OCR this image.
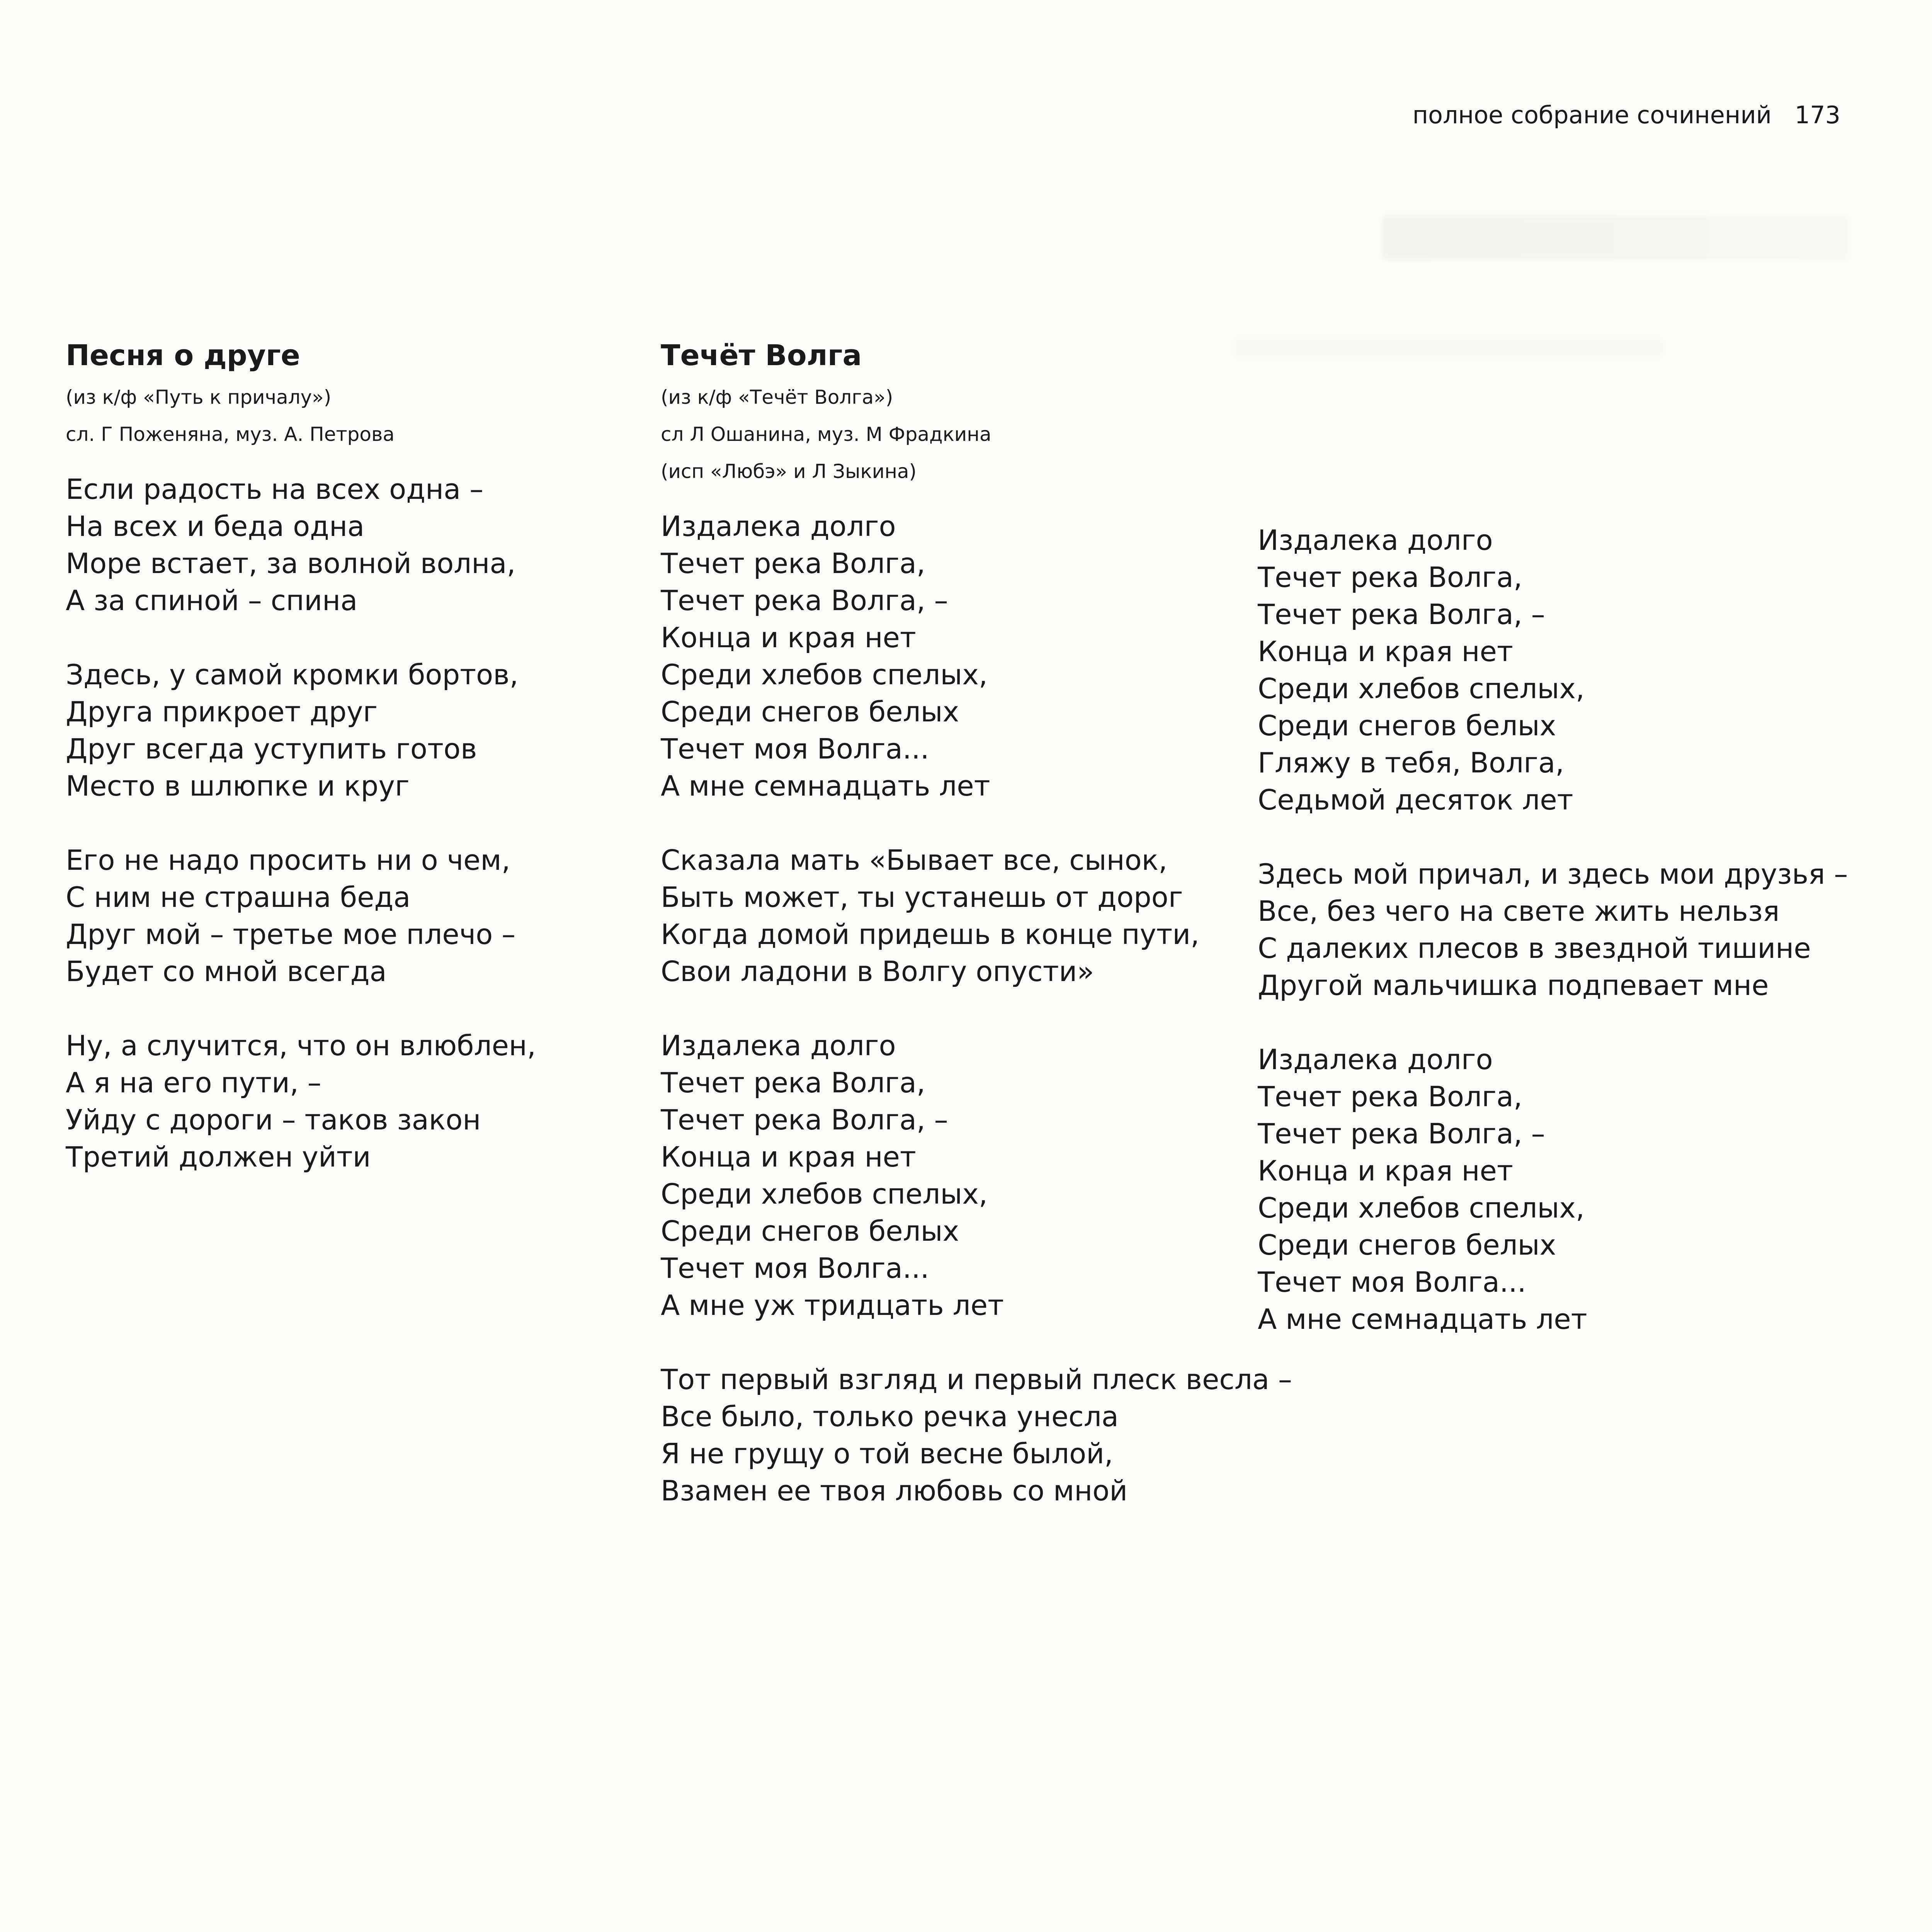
полное собрание сочинений 173
Песня о друге
(из к/ф «Путь к причалу»)
сл. Г Поженяна, муз. А. Петрова
Если радость на всех одна –
На всех и беда одна
Море встает, за волной волна,
А за спиной – спина
Здесь, у самой кромки бортов,
Друга прикроет друг
Друг всегда уступить готов
Место в шлюпке и круг
Его не надо просить ни о чем,
С ним не страшна беда
Друг мой – третье мое плечо –
Будет со мной всегда
Ну, а случится, что он влюблен,
А я на его пути, –
Уйду с дороги – таков закон
Третий должен уйти
Течёт Волга
(из к/ф «Течёт Волга»)
сл Л Ошанина, муз. М Фрадкина
(исп «Любэ» и Л Зыкина)
Издалека долго
Течет река Волга,
Течет река Волга, –
Конца и края нет
Среди хлебов спелых,
Среди снегов белых
Течет моя Волга...
А мне семнадцать лет
Сказала мать «Бывает все, сынок,
Быть может, ты устанешь от дорог
Когда домой придешь в конце пути,
Свои ладони в Волгу опусти»
Издалека долго
Течет река Волга,
Течет река Волга, –
Конца и края нет
Среди хлебов спелых,
Среди снегов белых
Течет моя Волга...
А мне уж тридцать лет
Тот первый взгляд и первый плеск весла –
Все было, только речка унесла
Я не грущу о той весне былой,
Взамен ее твоя любовь со мной
Издалека долго
Течет река Волга,
Течет река Волга, –
Конца и края нет
Среди хлебов спелых,
Среди снегов белых
Гляжу в тебя, Волга,
Седьмой десяток лет
Здесь мой причал, и здесь мои друзья –
Все, без чего на свете жить нельзя
С далеких плесов в звездной тишине
Другой мальчишка подпевает мне
Издалека долго
Течет река Волга,
Течет река Волга, –
Конца и края нет
Среди хлебов спелых,
Среди снегов белых
Течет моя Волга...
А мне семнадцать лет
